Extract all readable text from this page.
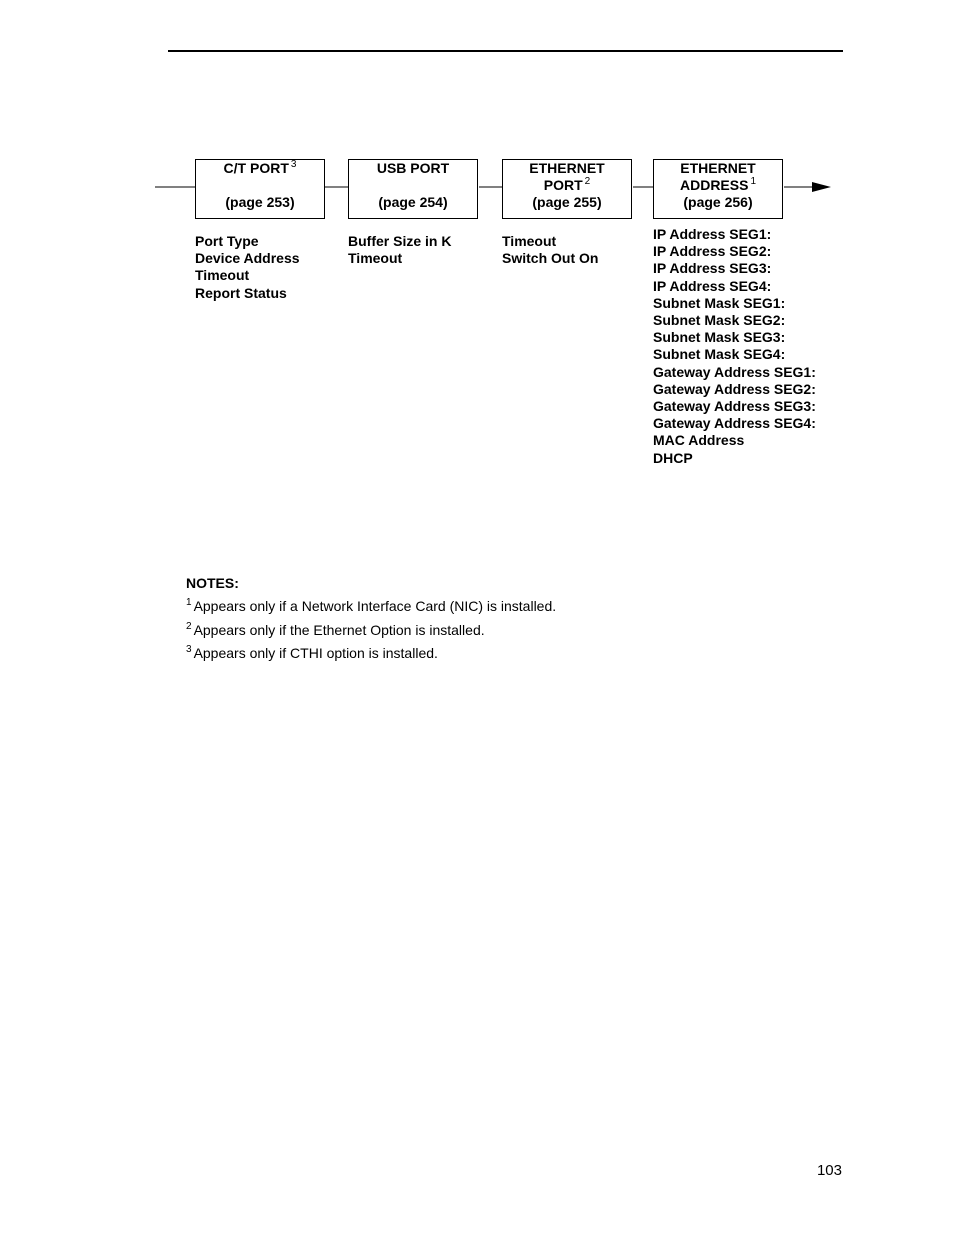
C/T PORT $^3$
(page 253)
USB PORT
(page 254)
ETHERNET
PORT $^2$
(page 255)
ETHERNET
ADDRESS $^1$
(page 256)
Port Type
Device Address
Timeout
Report Status
Buffer Size in K
Timeout
Timeout
Switch Out On
IP Address SEG1:
IP Address SEG2:
IP Address SEG3:
IP Address SEG4:
Subnet Mask SEG1:
Subnet Mask SEG2:
Subnet Mask SEG3:
Subnet Mask SEG4:
Gateway Address SEG1:
Gateway Address SEG2:
Gateway Address SEG3:
Gateway Address SEG4:
MAC Address
DHCP
NOTES:
$^1$ Appears only if a Network Interface Card (NIC) is installed.
$^2$ Appears only if the Ethernet Option is installed.
$^3$ Appears only if CTHI option is installed.
103
